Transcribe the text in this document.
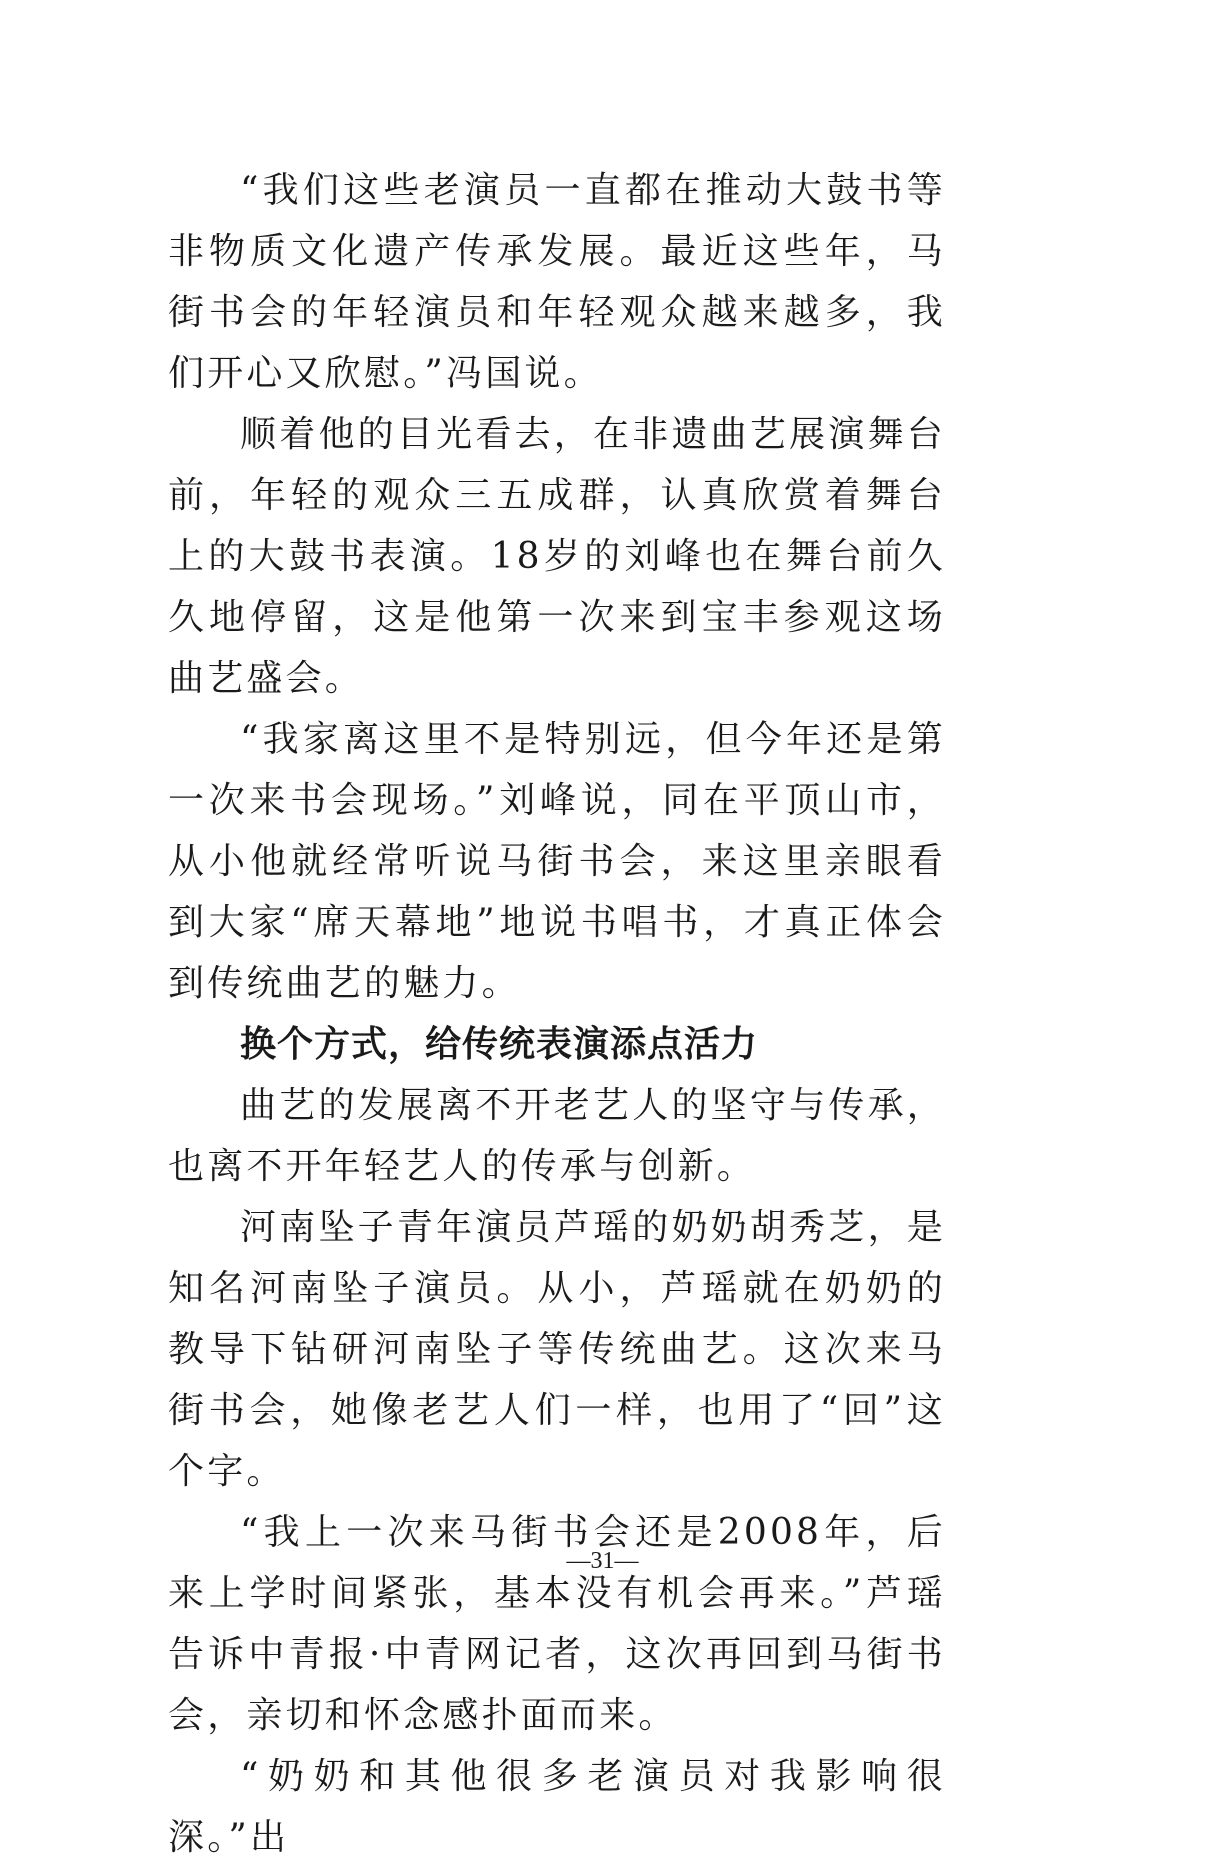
“我们这些老演员一直都在推动大鼓书等非物质文化遗产传承发展。最近这些年，马街书会的年轻演员和年轻观众越来越多，我们开心又欣慰。”冯国说。

顺着他的目光看去，在非遗曲艺展演舞台前，年轻的观众三五成群，认真欣赏着舞台上的大鼓书表演。18岁的刘峰也在舞台前久久地停留，这是他第一次来到宝丰参观这场曲艺盛会。

“我家离这里不是特别远，但今年还是第一次来书会现场。”刘峰说，同在平顶山市，从小他就经常听说马街书会，来这里亲眼看到大家“席天幕地”地说书唱书，才真正体会到传统曲艺的魅力。

换个方式，给传统表演添点活力

曲艺的发展离不开老艺人的坚守与传承，也离不开年轻艺人的传承与创新。

河南坠子青年演员芦瑶的奶奶胡秀芝，是知名河南坠子演员。从小，芦瑶就在奶奶的教导下钻研河南坠子等传统曲艺。这次来马街书会，她像老艺人们一样，也用了“回”这个字。

“我上一次来马街书会还是2008年，后来上学时间紧张，基本没有机会再来。”芦瑶告诉中青报·中青网记者，这次再回到马街书会，亲切和怀念感扑面而来。

“奶奶和其他很多老演员对我影响很深。”出

—31—
